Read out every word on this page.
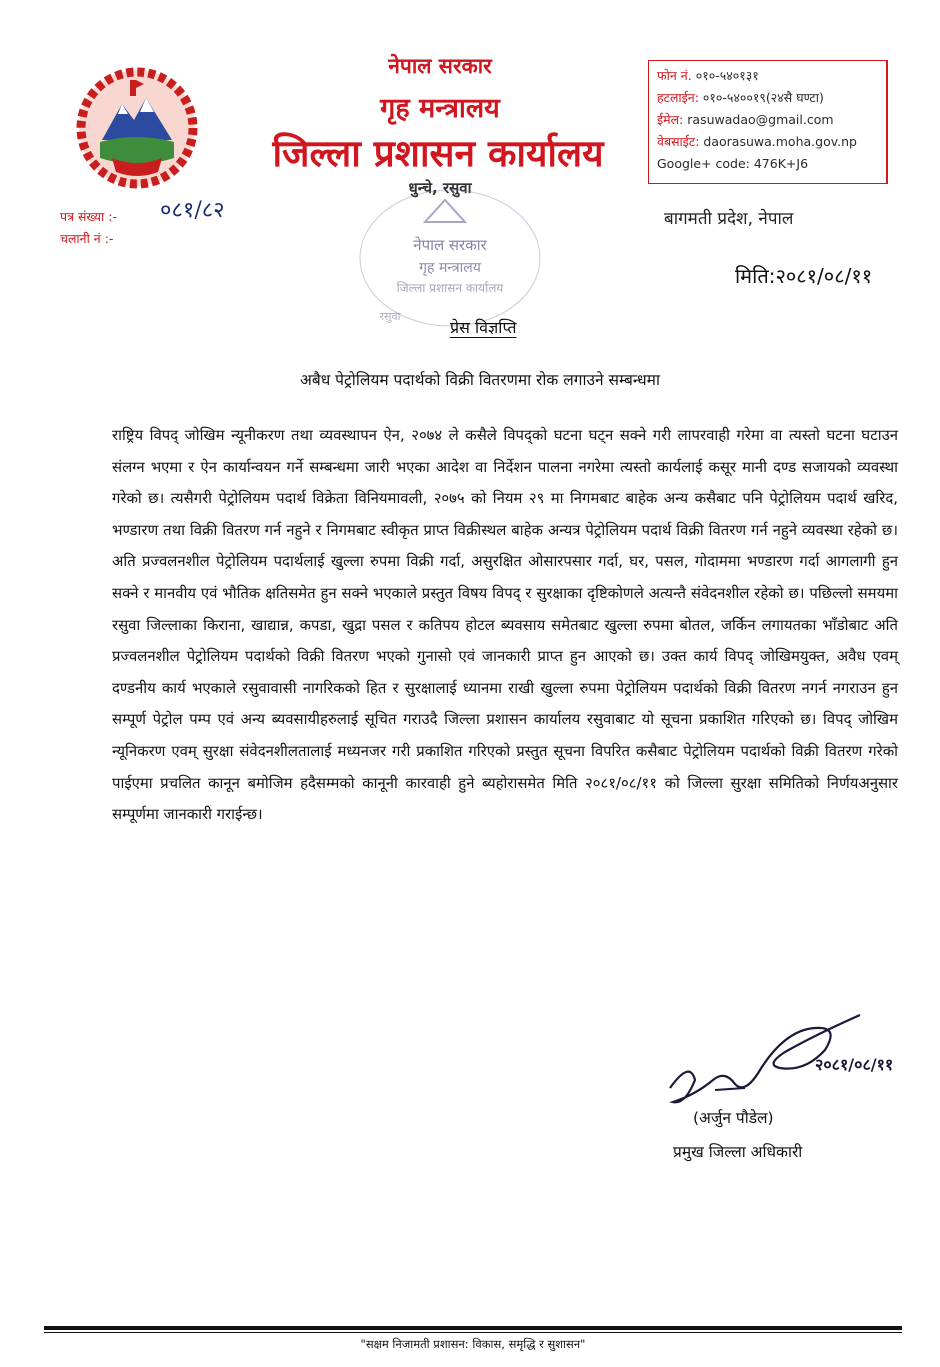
नेपाल सरकार
गृह मन्त्रालय
जिल्ला प्रशासन कार्यालय
धुन्चे, रसुवा
फोन नं. ०१०-५४०१३१
हटलाईन: ०१०-५४००१९(२४सै घण्टा)
ईमेल: rasuwadao@gmail.com
वेबसाईट: daorasuwa.moha.gov.np
Google+ code: 476K+J6
बागमती प्रदेश, नेपाल
पत्र संख्या :- ०८१/८२
चलानी नं :-
मिति:२०८१/०८/११
नेपाल सरकार
गृह मन्त्रालय
जिल्ला प्रशासन कार्यालय
रसुवा
प्रेस विज्ञप्ति
अबैध पेट्रोलियम पदार्थको विक्री वितरणमा रोक लगाउने सम्बन्धमा
राष्ट्रिय विपद् जोखिम न्यूनीकरण तथा व्यवस्थापन ऐन, २०७४ ले कसैले विपद्को घटना घट्न सक्ने गरी लापरवाही गरेमा वा त्यस्तो घटना घटाउन संलग्न भएमा र ऐन कार्यान्वयन गर्ने सम्बन्धमा जारी भएका आदेश वा निर्देशन पालना नगरेमा त्यस्तो कार्यलाई कसूर मानी दण्ड सजायको व्यवस्था गरेको छ। त्यसैगरी पेट्रोलियम पदार्थ विक्रेता विनियमावली, २०७५ को नियम २९ मा निगमबाट बाहेक अन्य कसैबाट पनि पेट्रोलियम पदार्थ खरिद, भण्डारण तथा विक्री वितरण गर्न नहुने र निगमबाट स्वीकृत प्राप्त विक्रीस्थल बाहेक अन्यत्र पेट्रोलियम पदार्थ विक्री वितरण गर्न नहुने व्यवस्था रहेको छ। अति प्रज्वलनशील पेट्रोलियम पदार्थलाई खुल्ला रुपमा विक्री गर्दा, असुरक्षित ओसारपसार गर्दा, घर, पसल, गोदाममा भण्डारण गर्दा आगलागी हुन सक्ने र मानवीय एवं भौतिक क्षतिसमेत हुन सक्ने भएकाले प्रस्तुत विषय विपद् र सुरक्षाका दृष्टिकोणले अत्यन्तै संवेदनशील रहेको छ। पछिल्लो समयमा रसुवा जिल्लाका किराना, खाद्यान्न, कपडा, खुद्रा पसल र कतिपय होटल ब्यवसाय समेतबाट खुल्ला रुपमा बोतल, जर्किन लगायतका भाँडोबाट अति प्रज्वलनशील पेट्रोलियम पदार्थको विक्री वितरण भएको गुनासो एवं जानकारी प्राप्त हुन आएको छ। उक्त कार्य विपद् जोखिमयुक्त, अवैध एवम् दण्डनीय कार्य भएकाले रसुवावासी नागरिकको हित र सुरक्षालाई ध्यानमा राखी खुल्ला रुपमा पेट्रोलियम पदार्थको विक्री वितरण नगर्न नगराउन हुन सम्पूर्ण पेट्रोल पम्प एवं अन्य ब्यवसायीहरुलाई सूचित गराउदै जिल्ला प्रशासन कार्यालय रसुवाबाट यो सूचना प्रकाशित गरिएको छ। विपद् जोखिम न्यूनिकरण एवम् सुरक्षा संवेदनशीलतालाई मध्यनजर गरी प्रकाशित गरिएको प्रस्तुत सूचना विपरित कसैबाट पेट्रोलियम पदार्थको विक्री वितरण गरेको पाईएमा प्रचलित कानून बमोजिम हदैसम्मको कानूनी कारवाही हुने ब्यहोरासमेत मिति २०८१/०८/११ को जिल्ला सुरक्षा समितिको निर्णयअनुसार सम्पूर्णमा जानकारी गराईन्छ।
२०८१/०८/११
(अर्जुन पौडेल)
प्रमुख जिल्ला अधिकारी
"सक्षम निजामती प्रशासन: विकास, समृद्धि र सुशासन"
